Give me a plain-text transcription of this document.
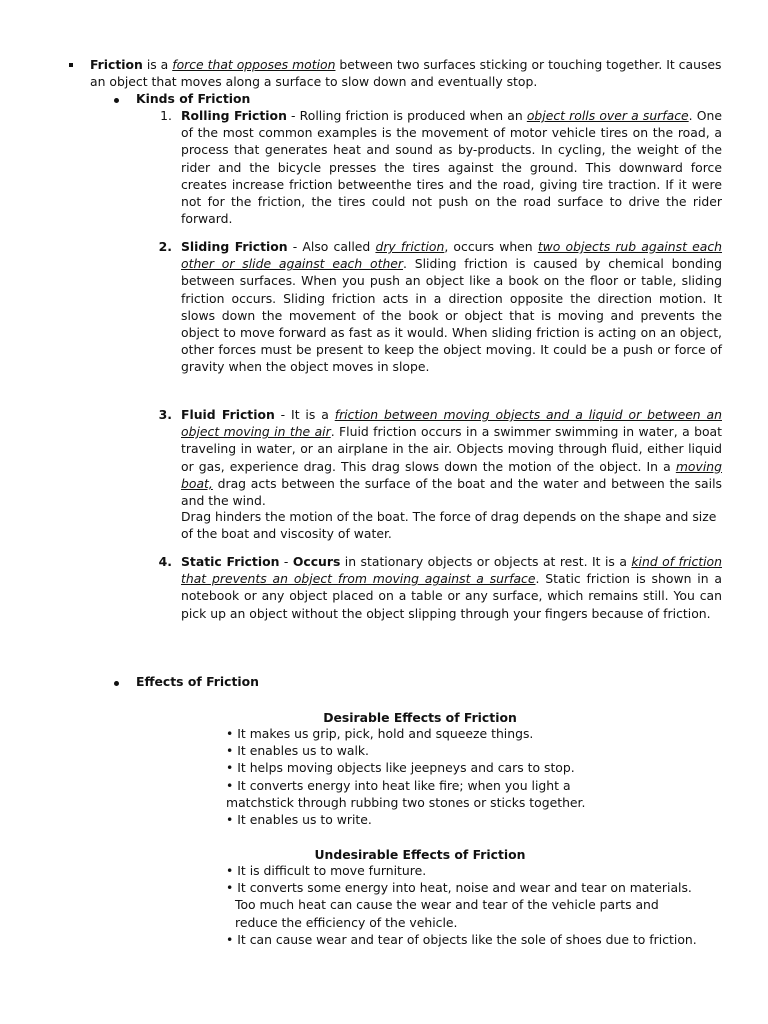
Friction is a force that opposes motion between two surfaces sticking or touching together. It causes an object that moves along a surface to slow down and eventually stop.
Kinds of Friction
1. Rolling Friction - Rolling friction is produced when an object rolls over a surface. One of the most common examples is the movement of motor vehicle tires on the road, a process that generates heat and sound as by-products. In cycling, the weight of the rider and the bicycle presses the tires against the ground. This downward force creates increase friction betweenthe tires and the road, giving tire traction. If it were not for the friction, the tires could not push on the road surface to drive the rider forward.
2. Sliding Friction - Also called dry friction, occurs when two objects rub against each other or slide against each other. Sliding friction is caused by chemical bonding between surfaces. When you push an object like a book on the floor or table, sliding friction occurs. Sliding friction acts in a direction opposite the direction motion. It slows down the movement of the book or object that is moving and prevents the object to move forward as fast as it would. When sliding friction is acting on an object, other forces must be present to keep the object moving. It could be a push or force of gravity when the object moves in slope.
3. Fluid Friction - It is a friction between moving objects and a liquid or between an object moving in the air. Fluid friction occurs in a swimmer swimming in water, a boat traveling in water, or an airplane in the air. Objects moving through fluid, either liquid or gas, experience drag. This drag slows down the motion of the object. In a moving boat, drag acts between the surface of the boat and the water and between the sails and the wind.
Drag hinders the motion of the boat. The force of drag depends on the shape and size of the boat and viscosity of water.
4. Static Friction - Occurs in stationary objects or objects at rest. It is a kind of friction that prevents an object from moving against a surface. Static friction is shown in a notebook or any object placed on a table or any surface, which remains still. You can pick up an object without the object slipping through your fingers because of friction.
Effects of Friction
Desirable Effects of Friction
• It makes us grip, pick, hold and squeeze things.
• It enables us to walk.
• It helps moving objects like jeepneys and cars to stop.
• It converts energy into heat like fire; when you light a
matchstick through rubbing two stones or sticks together.
• It enables us to write.
Undesirable Effects of Friction
• It is difficult to move furniture.
• It converts some energy into heat, noise and wear and tear on materials.
Too much heat can cause the wear and tear of the vehicle parts and reduce the efficiency of the vehicle.
• It can cause wear and tear of objects like the sole of shoes due to friction.
